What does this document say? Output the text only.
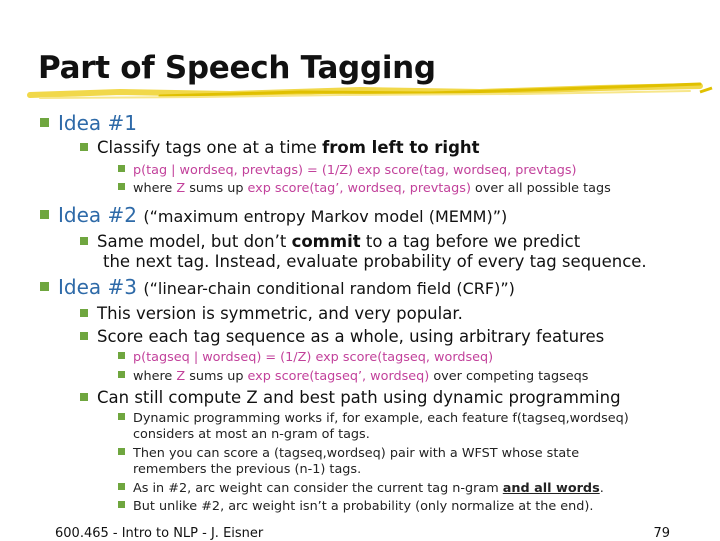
Part of Speech Tagging
Idea #1
Classify tags one at a time from left to right
p(tag | wordseq, prevtags) = (1/Z) exp score(tag, wordseq, prevtags)
where Z sums up exp score(tag’, wordseq, prevtags) over all possible tags
Idea #2 (“maximum entropy Markov model (MEMM)”)
Same model, but don’t commit to a tag before we predict
the next tag. Instead, evaluate probability of every tag sequence.
Idea #3 (“linear-chain conditional random field (CRF)”)
This version is symmetric, and very popular.
Score each tag sequence as a whole, using arbitrary features
p(tagseq | wordseq) = (1/Z) exp score(tagseq, wordseq)
where Z sums up exp score(tagseq’, wordseq) over competing tagseqs
Can still compute Z and best path using dynamic programming
Dynamic programming works if, for example, each feature f(tagseq,wordseq)
considers at most an n-gram of tags.
Then you can score a (tagseq,wordseq) pair with a WFST whose state
remembers the previous (n-1) tags.
As in #2, arc weight can consider the current tag n-gram and all words.
But unlike #2, arc weight isn’t a probability (only normalize at the end).
600.465 - Intro to NLP - J. Eisner	79
